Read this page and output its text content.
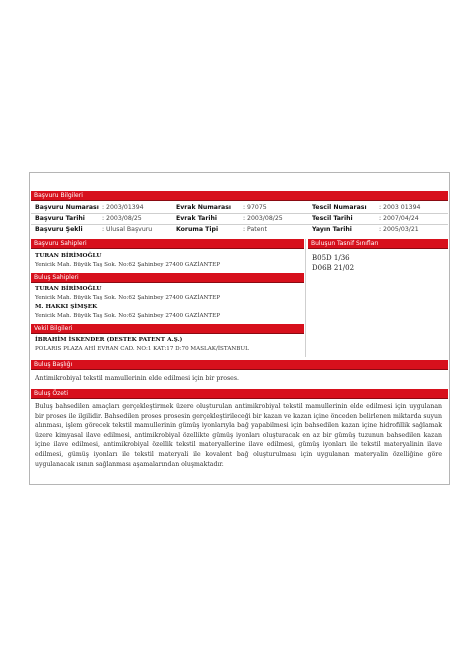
Başvuru Bilgileri
Başvuru Numarası : 2003/01394	Evrak Numarası : 97075	Tescil Numarası : 2003 01394
Başvuru Tarihi	: 2003/08/25	Evrak Tarihi	: 2003/08/25	Tescil Tarihi	: 2007/04/24
Başvuru Şekli	: Ulusal Başvuru	Koruma Tipi	: Patent	Yayın Tarihi	: 2005/03/21
Başvuru Sahipleri	Buluşun Tasnif Sınıfları
TURAN BİRİMOĞLU
Yenicik Mah. Büyük Taş Sok. No:62 Şahinbey 27400 GAZİANTEP
B05D 1/36
D06B 21/02
Buluş Sahipleri
TURAN BİRİMOĞLU
Yenicik Mah. Büyük Taş Sok. No:62 Şahinbey 27400 GAZİANTEP
M. HAKKI ŞİMŞEK
Yenicik Mah. Büyük Taş Sok. No:62 Şahinbey 27400 GAZİANTEP
Vekil Bilgileri
İBRAHİM İSKENDER (DESTEK PATENT A.Ş.)
POLARIS PLAZA AHİ EVRAN CAD. NO:1 KAT:17 D:70 MASLAK/İSTANBUL
Buluş Başlığı
Antimikrobiyal tekstil mamullerinin elde edilmesi için bir proses.
Buluş Özeti
Buluş bahsedilen amaçları gerçekleştirmek üzere oluşturulan antimikrobiyal tekstil mamullerinin elde edilmesi için uygulanan bir proses ile ilgilidir. Bahsedilen proses prosesin gerçekleştirileceği bir kazan ve kazan içine önceden belirlenen miktarda suyun alınması, işlem görecek tekstil mamullerinin gümüş iyonlarıyla bağ yapabilmesi için bahsedilen kazan içine hidrofillik sağlamak üzere kimyasal ilave edilmesi, antimikrobiyal özellikte gümüş iyonları oluşturacak en az bir gümüş tuzunun bahsedilen kazan içine ilave edilmesi, antimikrobiyal özellik tekstil materyallerine ilave edilmesi, gümüş iyonları ile tekstil materyalinin ilave edilmesi, gümüş iyonları ile tekstil materyali ile kovalent bağ oluşturulması için uygulanan materyalin özelliğine göre uygulanacak ısının sağlanması aşamalarından oluşmaktadır.
